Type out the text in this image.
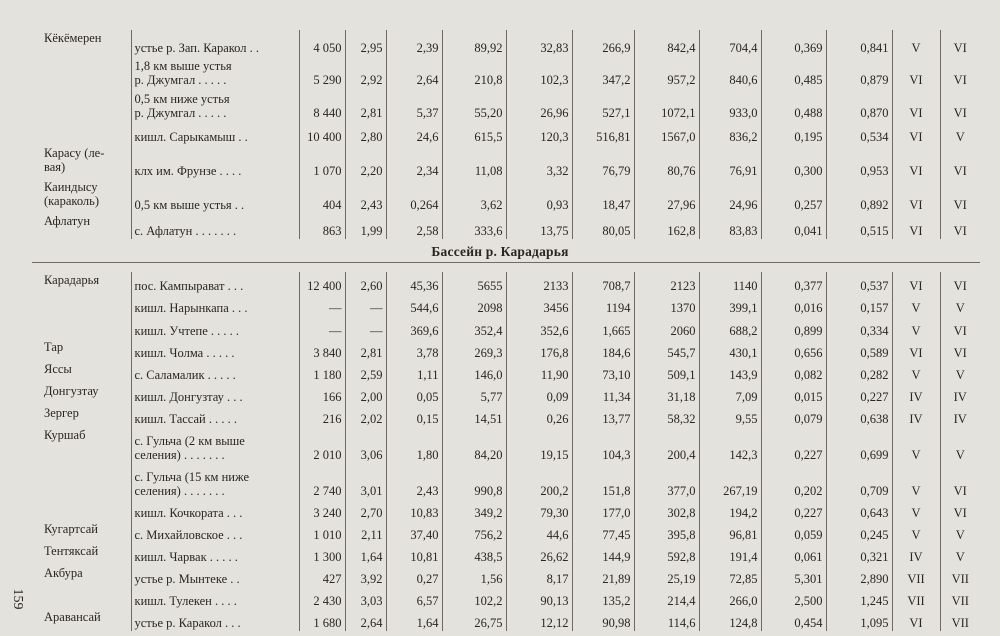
Кёкёмерен	устье р. Зап. Каракол . .	4 050	2,95	2,39	89,92	32,83	266,9	842,4	704,4	0,369	0,841	V	VI
	1,8 км выше устья
р. Джумгал . . . . .	5 290	2,92	2,64	210,8	102,3	347,2	957,2	840,6	0,485	0,879	VI	VI
	0,5 км ниже устья
р. Джумгал . . . . .	8 440	2,81	5,37	55,20	26,96	527,1	1072,1	933,0	0,488	0,870	VI	VI
	кишл. Сарыкамыш . .	10 400	2,80	24,6	615,5	120,3	516,81	1567,0	836,2	0,195	0,534	VI	V
Карасу (ле-
вая)	клх им. Фрунзе . . . .	1 070	2,20	2,34	11,08	3,32	76,79	80,76	76,91	0,300	0,953	VI	VI
Каиндысу
(караколь)	0,5 км выше устья . .	404	2,43	0,264	3,62	0,93	18,47	27,96	24,96	0,257	0,892	VI	VI
Афлатун	с. Афлатун . . . . . . .	863	1,99	2,58	333,6	13,75	80,05	162,8	83,83	0,041	0,515	VI	VI
Бассейн р. Карадарья
Карадарья	пос. Кампырават . . .	12 400	2,60	45,36	5655	2133	708,7	2123	1140	0,377	0,537	VI	VI
	кишл. Нарынкапа . . .	—	—	544,6	2098	3456	1194	1370	399,1	0,016	0,157	V	V
	кишл. Учтепе . . . . .	—	—	369,6	352,4	352,6	1,665	2060	688,2	0,899	0,334	V	VI
Тар	кишл. Чолма . . . . .	3 840	2,81	3,78	269,3	176,8	184,6	545,7	430,1	0,656	0,589	VI	VI
Яссы	с. Саламалик . . . . .	1 180	2,59	1,11	146,0	11,90	73,10	509,1	143,9	0,082	0,282	V	V
Донгузтау	кишл. Донгузтау . . .	166	2,00	0,05	5,77	0,09	11,34	31,18	7,09	0,015	0,227	IV	IV
Зергер	кишл. Тассай . . . . .	216	2,02	0,15	14,51	0,26	13,77	58,32	9,55	0,079	0,638	IV	IV
Куршаб	с. Гульча (2 км выше
селения) . . . . . . .	2 010	3,06	1,80	84,20	19,15	104,3	200,4	142,3	0,227	0,699	V	V
	с. Гульча (15 км ниже
селения) . . . . . . .	2 740	3,01	2,43	990,8	200,2	151,8	377,0	267,19	0,202	0,709	V	VI
	кишл. Кочкората . . .	3 240	2,70	10,83	349,2	79,30	177,0	302,8	194,2	0,227	0,643	V	VI
Кугартсай	с. Михайловское . . .	1 010	2,11	37,40	756,2	44,6	77,45	395,8	96,81	0,059	0,245	V	V
Тентяксай	кишл. Чарвак . . . . .	1 300	1,64	10,81	438,5	26,62	144,9	592,8	191,4	0,061	0,321	IV	V
Акбура	устье р. Мынтеке . .	427	3,92	0,27	1,56	8,17	21,89	25,19	72,85	5,301	2,890	VII	VII
	кишл. Тулекен . . . .	2 430	3,03	6,57	102,2	90,13	135,2	214,4	266,0	2,500	1,245	VII	VII
Аравансай	устье р. Каракол . . .	1 680	2,64	1,64	26,75	12,12	90,98	114,6	124,8	0,454	1,095	VI	VII
159
